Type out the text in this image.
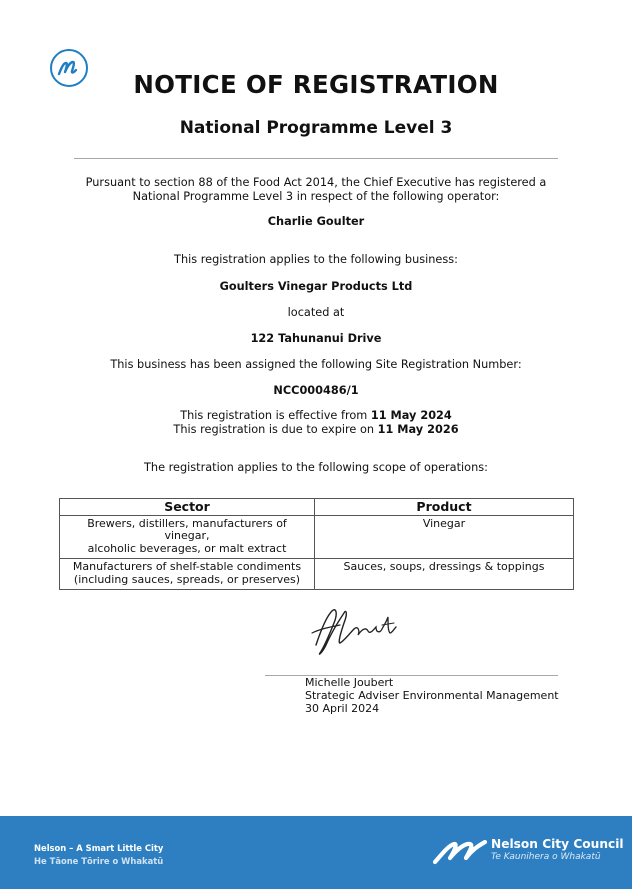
NOTICE OF REGISTRATION
National Programme Level 3
Pursuant to section 88 of the Food Act 2014, the Chief Executive has registered a
National Programme Level 3 in respect of the following operator:
Charlie Goulter
This registration applies to the following business:
Goulters Vinegar Products Ltd
located at
122 Tahunanui Drive
This business has been assigned the following Site Registration Number:
NCC000486/1
This registration is effective from 11 May 2024
This registration is due to expire on 11 May 2026
The registration applies to the following scope of operations:
Sector	Product

Brewers, distillers, manufacturers of vinegar,
alcoholic beverages, or malt extract	Vinegar

Manufacturers of shelf-stable condiments
(including sauces, spreads, or preserves)	Sauces, soups, dressings & toppings
Michelle Joubert
Strategic Adviser Environmental Management
30 April 2024
Nelson – A Smart Little City
He Tāone Tōrire o Whakatū
Nelson City Council
Te Kaunihera o Whakatū
